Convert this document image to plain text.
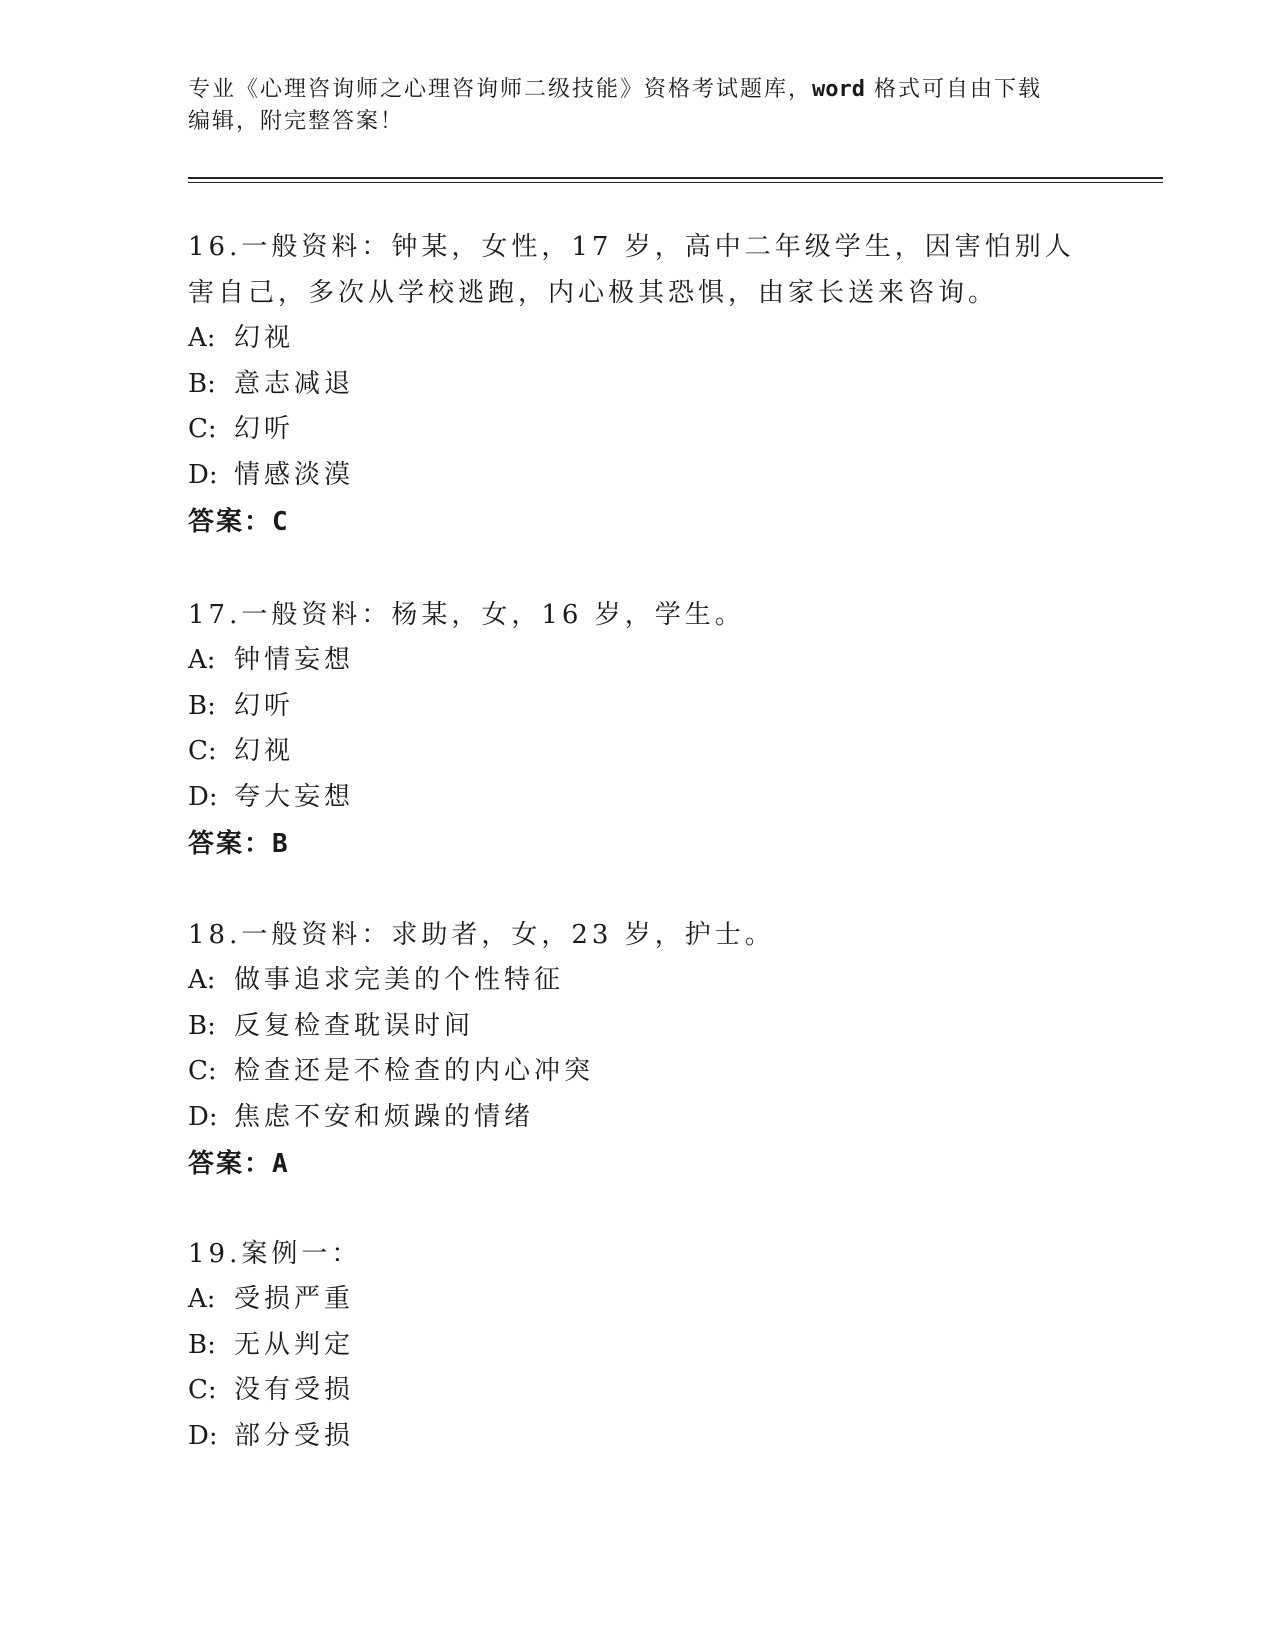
专业《心理咨询师之心理咨询师二级技能》资格考试题库，word 格式可自由下载
编辑，附完整答案！

16.一般资料：钟某，女性，17 岁，高中二年级学生，因害怕别人害自己，多次从学校逃跑，内心极其恐惧，由家长送来咨询。

A: 幻视

B: 意志减退

C: 幻听

D: 情感淡漠

答案：C

17.一般资料：杨某，女，16 岁，学生。

A: 钟情妄想

B: 幻听

C: 幻视

D: 夸大妄想

答案：B

18.一般资料：求助者，女，23 岁，护士。

A: 做事追求完美的个性特征

B: 反复检查耽误时间

C: 检查还是不检查的内心冲突

D: 焦虑不安和烦躁的情绪

答案：A

19.案例一：

A: 受损严重

B: 无从判定

C: 没有受损

D: 部分受损
